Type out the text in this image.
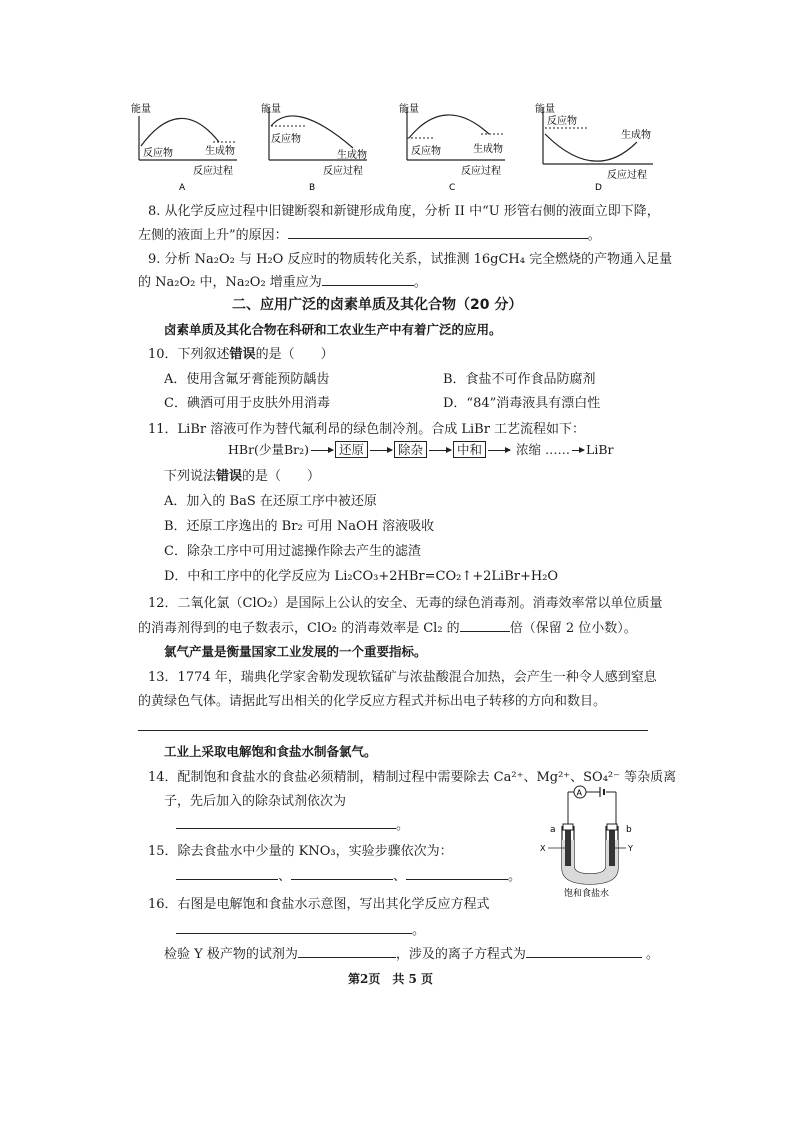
能量
反应物	生成物
反应过程
A
能量
反应物
生成物
反应过程
B
能量
反应物	生成物
反应过程
C
能量
反应物
生成物
反应过程
D
8. 从化学反应过程中旧键断裂和新键形成角度，分析 II 中“U 形管右侧的液面立即下降，
左侧的液面上升”的原因：	。
9. 分析 Na₂O₂ 与 H₂O 反应时的物质转化关系，试推测 16gCH₄ 完全燃烧的产物通入足量
的 Na₂O₂ 中，Na₂O₂ 增重应为	。
二、应用广泛的卤素单质及其化合物（20 分）
卤素单质及其化合物在科研和工农业生产中有着广泛的应用。
10．下列叙述错误的是（　　）
A．使用含氟牙膏能预防龋齿	B．食盐不可作食品防腐剂
C．碘酒可用于皮肤外用消毒	D．“84”消毒液具有漂白性
11．LiBr 溶液可作为替代氟利昂的绿色制冷剂。合成 LiBr 工艺流程如下：
HBr(少量Br₂) 还原	除杂	中和	浓缩 …… LiBr
下列说法错误的是（　　）
A．加入的 BaS 在还原工序中被还原
B．还原工序逸出的 Br₂ 可用 NaOH 溶液吸收
C．除杂工序中可用过滤操作除去产生的滤渣
D．中和工序中的化学反应为 Li₂CO₃+2HBr=CO₂↑+2LiBr+H₂O
12．二氧化氯（ClO₂）是国际上公认的安全、无毒的绿色消毒剂。消毒效率常以单位质量
的消毒剂得到的电子数表示，ClO₂ 的消毒效率是 Cl₂ 的	倍（保留 2 位小数）。
氯气产量是衡量国家工业发展的一个重要指标。
13．1774 年，瑞典化学家舍勒发现软锰矿与浓盐酸混合加热，会产生一种令人感到窒息
的黄绿色气体。请据此写出相关的化学反应方程式并标出电子转移的方向和数目。
工业上采取电解饱和食盐水制备氯气。
14．配制饱和食盐水的食盐必须精制，精制过程中需要除去 Ca²⁺、Mg²⁺、SO₄²⁻ 等杂质离
子，先后加入的除杂试剂依次为
。
15．除去食盐水中少量的 KNO₃，实验步骤依次为：
、	、	。
16．右图是电解饱和食盐水示意图，写出其化学反应方程式
。
检验 Y 极产物的试剂为	，涉及的离子方程式为	。
A
a	b
X	Y
饱和食盐水
第2页　共 5 页
